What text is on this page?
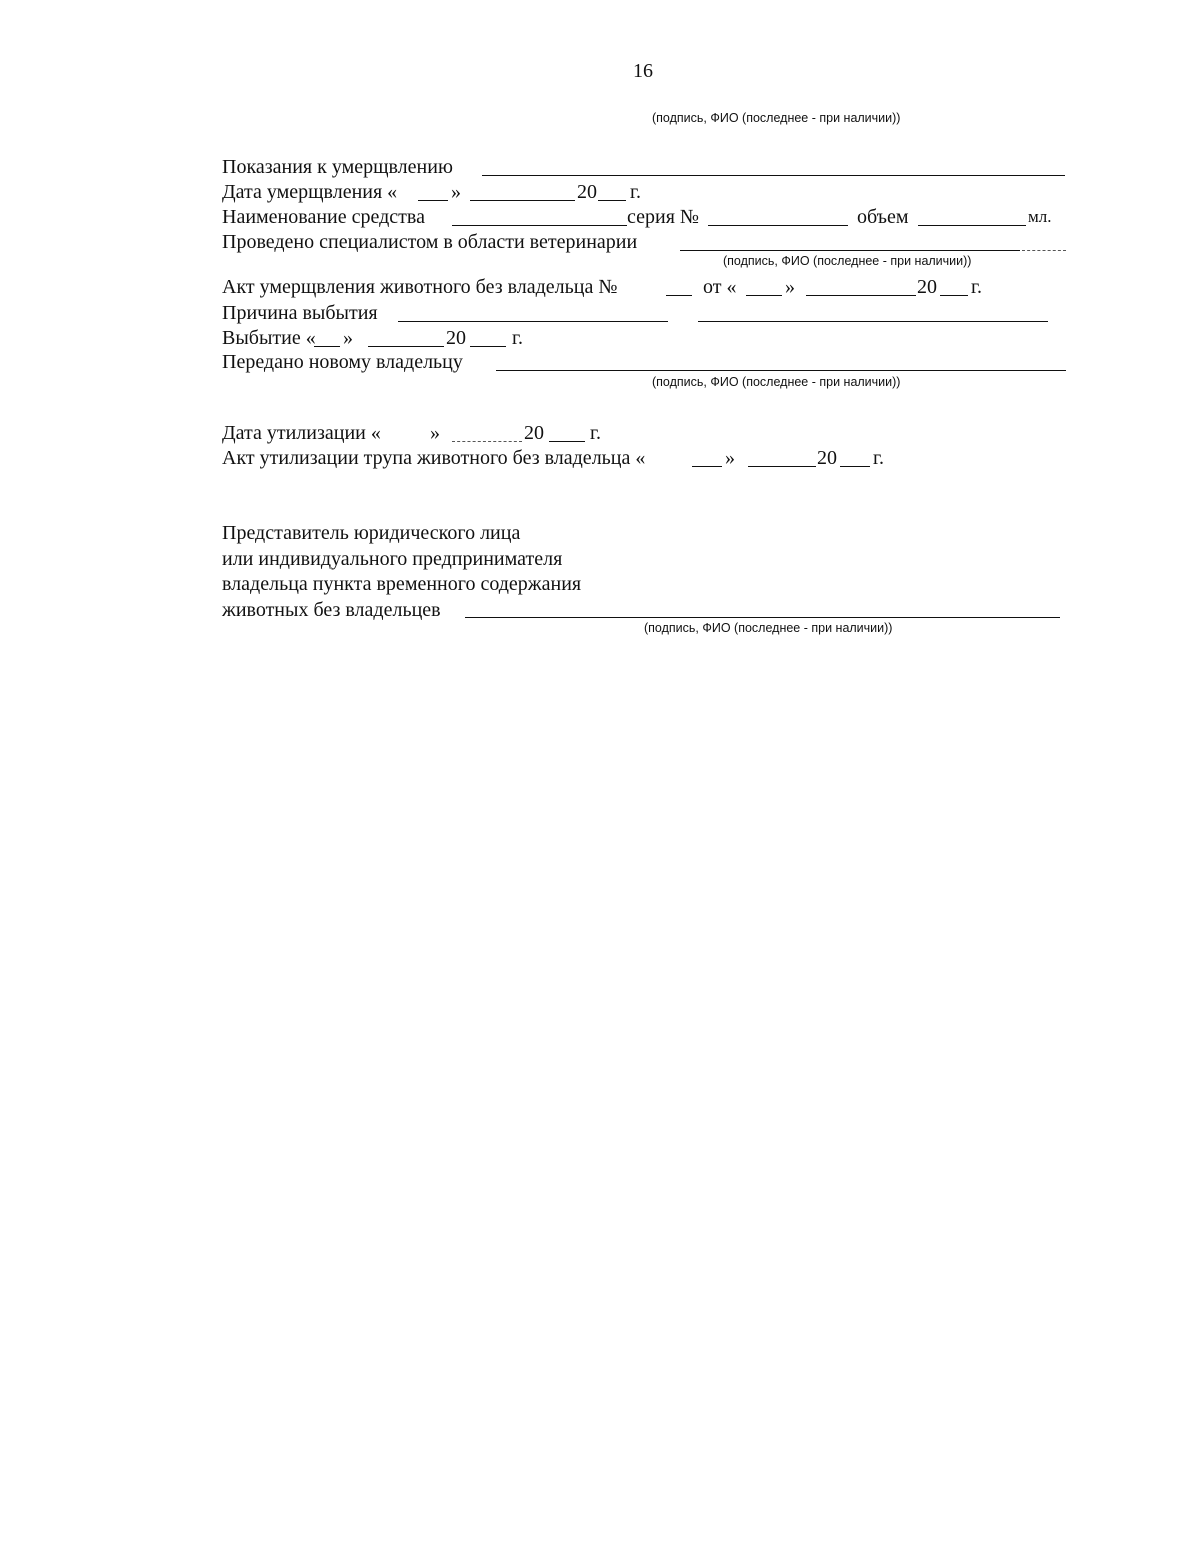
16
(подпись, ФИО (последнее - при наличии))
Показания к умерщвлению
Дата умерщвления «	»	20 г.
Наименование средства	серия №	объем	мл.
Проведено специалистом в области ветеринарии
(подпись, ФИО (последнее - при наличии))
Акт умерщвления животного без владельца №	от « »	20 г.
Причина выбытия
Выбытие « »	20 г.
Передано новому владельцу
(подпись, ФИО (последнее - при наличии))
Дата утилизации « »	20 г.
Акт утилизации трупа животного без владельца «	»	20 г.
Представитель юридического лица
или индивидуального предпринимателя
владельца пункта временного содержания
животных без владельцев
(подпись, ФИО (последнее - при наличии))
